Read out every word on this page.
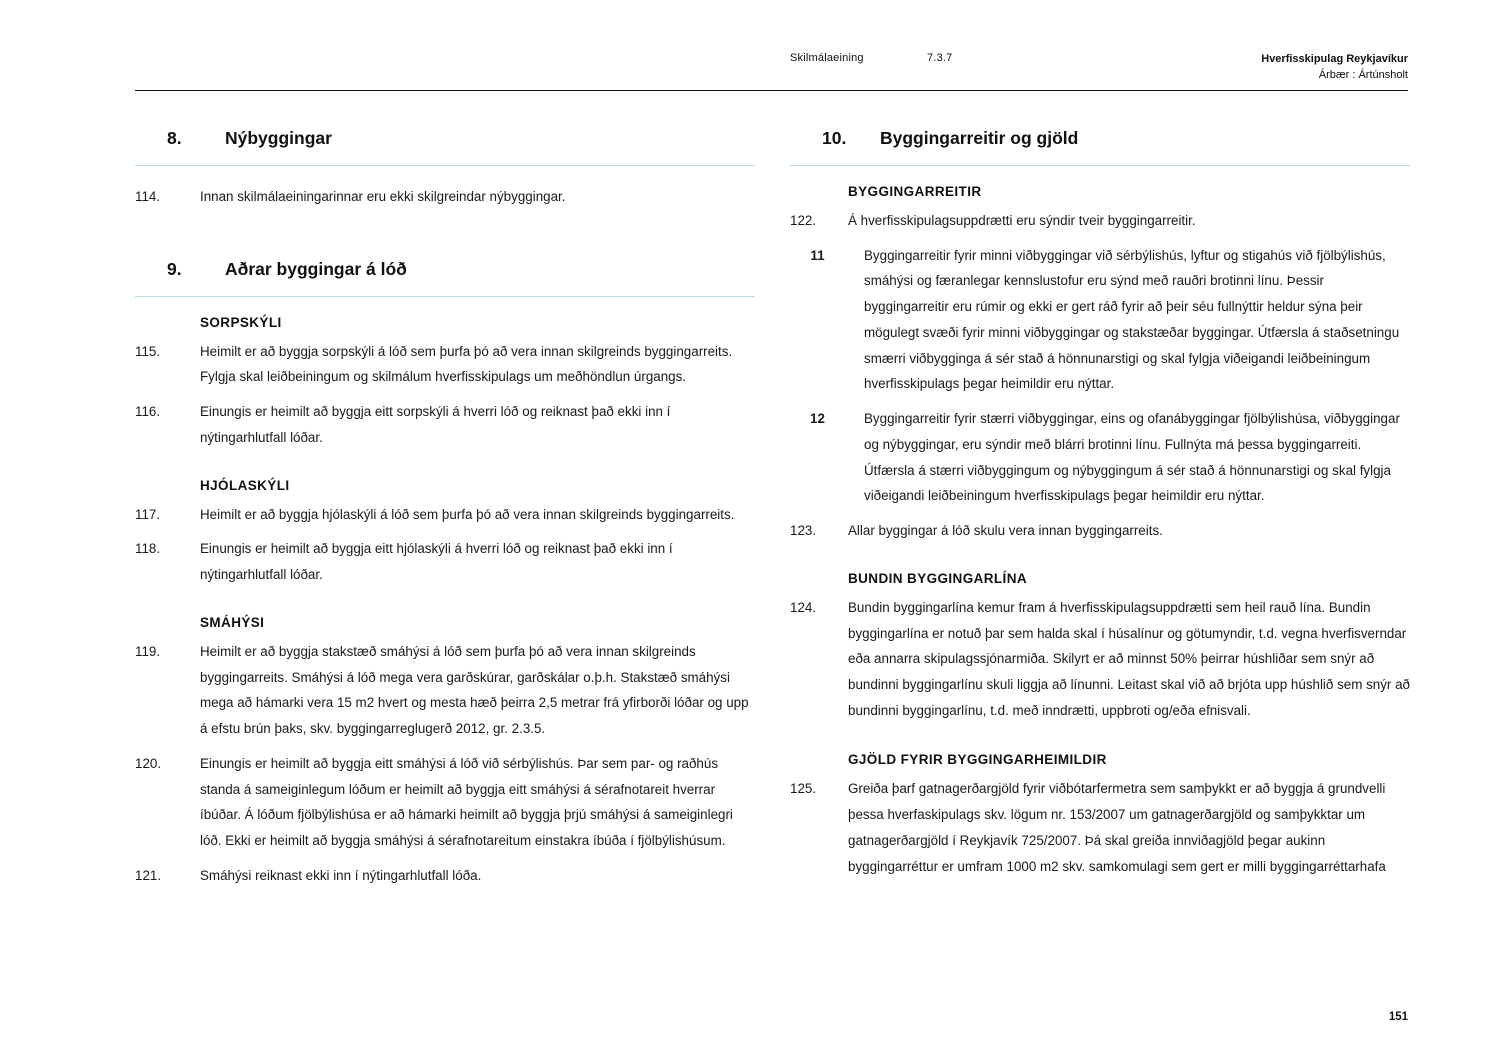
Skilmálaeining	7.3.7	Hverfisskipulag Reykjavíkur
Árbær : Ártúnsholt
8.	Nýbyggingar
114.	Innan skilmálaeiningarinnar eru ekki skilgreindar nýbyggingar.
9.	Aðrar byggingar á lóð
SORPSKÝLI
115.	Heimilt er að byggja sorpskýli á lóð sem þurfa þó að vera innan skilgreinds byggingarreits. Fylgja skal leiðbeiningum og skilmálum hverfisskipulags um meðhöndlun úrgangs.
116.	Einungis er heimilt að byggja eitt sorpskýli á hverri lóð og reiknast það ekki inn í nýtingarhlutfall lóðar.
HJÓLASKÝLI
117.	Heimilt er að byggja hjólaskýli á lóð sem þurfa þó að vera innan skilgreinds byggingarreits.
118.	Einungis er heimilt að byggja eitt hjólaskýli á hverri lóð og reiknast það ekki inn í nýtingarhlutfall lóðar.
SMÁHÝSI
119.	Heimilt er að byggja stakstæð smáhýsi á lóð sem þurfa þó að vera innan skilgreinds byggingarreits. Smáhýsi á lóð mega vera garðskúrar, garðskálar o.þ.h. Stakstæð smáhýsi mega að hámarki vera 15 m2 hvert og mesta hæð þeirra 2,5 metrar frá yfirborði lóðar og upp á efstu brún þaks, skv. byggingarreglugerð 2012, gr. 2.3.5.
120.	Einungis er heimilt að byggja eitt smáhýsi á lóð við sérbýlishús. Þar sem par- og raðhús standa á sameiginlegum lóðum er heimilt að byggja eitt smáhýsi á sérafnotareit hverrar íbúðar. Á lóðum fjölbýlishúsa er að hámarki heimilt að byggja þrjú smáhýsi á sameiginlegri lóð. Ekki er heimilt að byggja smáhýsi á sérafnotareitum einstakra íbúða í fjölbýlishúsum.
121.	Smáhýsi reiknast ekki inn í nýtingarhlutfall lóða.
10.	Byggingarreitir og gjöld
BYGGINGARREITIR
122.	Á hverfisskipulagsuppdrætti eru sýndir tveir byggingarreitir.
11	Byggingarreitir fyrir minni viðbyggingar við sérbýlishús, lyftur og stigahús við fjölbýlishús, smáhýsi og færanlegar kennslustofur eru sýnd með rauðri brotinni línu. Þessir byggingarreitir eru rúmir og ekki er gert ráð fyrir að þeir séu fullnýttir heldur sýna þeir mögulegt svæði fyrir minni viðbyggingar og stakstæðar byggingar. Útfærsla á staðsetningu smærri viðbygginga á sér stað á hönnunarstigi og skal fylgja viðeigandi leiðbeiningum hverfisskipulags þegar heimildir eru nýttar.
12	Byggingarreitir fyrir stærri viðbyggingar, eins og ofanábyggingar fjölbýlishúsa, viðbyggingar og nýbyggingar, eru sýndir með blárri brotinni línu. Fullnýta má þessa byggingarreiti. Útfærsla á stærri viðbyggingum og nýbyggingum á sér stað á hönnunarstigi og skal fylgja viðeigandi leiðbeiningum hverfisskipulags þegar heimildir eru nýttar.
123.	Allar byggingar á lóð skulu vera innan byggingarreits.
BUNDIN BYGGINGARLÍNA
124.	Bundin byggingarlína kemur fram á hverfisskipulagsuppdrætti sem heil rauð lína. Bundin byggingarlína er notuð þar sem halda skal í húsalínur og götumyndir, t.d. vegna hverfisverndar eða annarra skipulagssjónarmiða. Skilyrt er að minnst 50% þeirrar húshliðar sem snýr að bundinni byggingarlínu skuli liggja að línunni. Leitast skal við að brjóta upp húshlið sem snýr að bundinni byggingarlínu, t.d. með inndrætti, uppbroti og/eða efnisvali.
GJÖLD FYRIR BYGGINGARHEIMILDIR
125.	Greiða þarf gatnagerðargjöld fyrir viðbótarfermetra sem samþykkt er að byggja á grundvelli þessa hverfaskipulags skv. lögum nr. 153/2007 um gatnagerðargjöld og samþykktar um gatnagerðargjöld í Reykjavík 725/2007. Þá skal greiða innviðagjöld þegar aukinn byggingarréttur er umfram 1000 m2 skv. samkomulagi sem gert er milli byggingarréttarhafa
151
